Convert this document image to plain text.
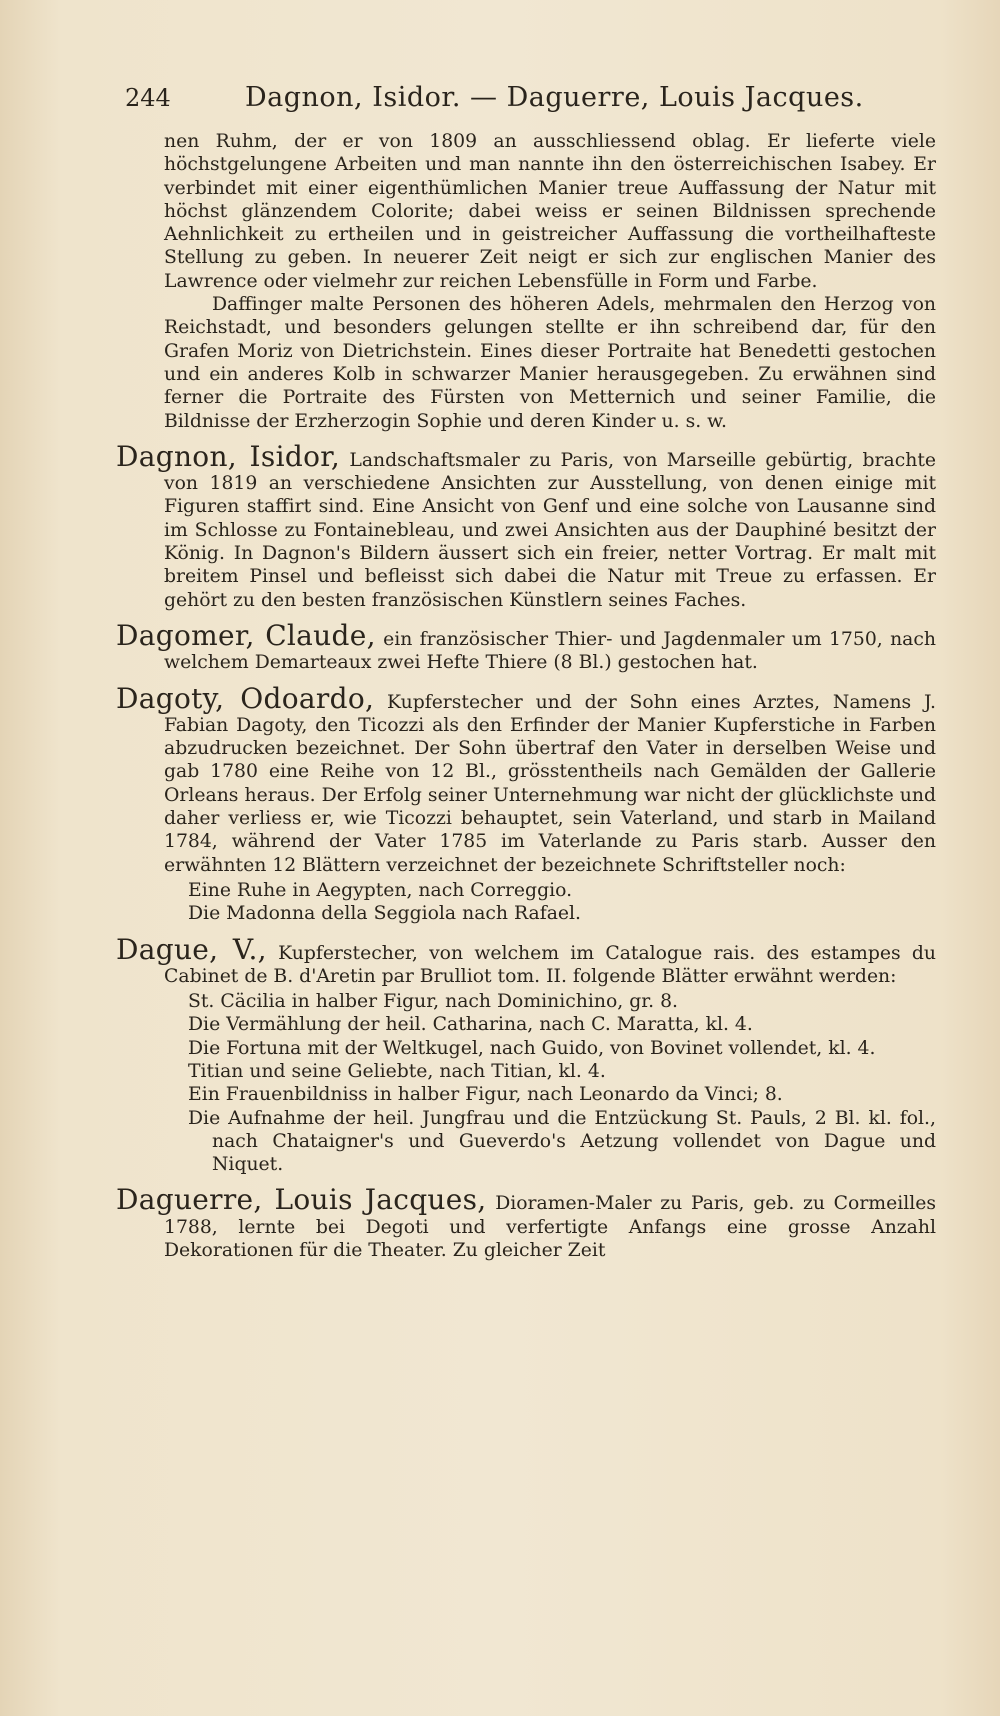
244	Dagnon, Isidor. — Daguerre, Louis Jacques.

nen Ruhm, der er von 1809 an ausschliessend oblag. Er lieferte viele höchstgelungene Arbeiten und man nannte ihn den österreichischen Isabey. Er verbindet mit einer eigenthümlichen Manier treue Auffassung der Natur mit höchst glänzendem Colorite; dabei weiss er seinen Bildnissen sprechende Aehnlichkeit zu ertheilen und in geistreicher Auffassung die vortheilhafteste Stellung zu geben. In neuerer Zeit neigt er sich zur englischen Manier des Lawrence oder vielmehr zur reichen Lebensfülle in Form und Farbe.

Daffinger malte Personen des höheren Adels, mehrmalen den Herzog von Reichstadt, und besonders gelungen stellte er ihn schreibend dar, für den Grafen Moriz von Dietrichstein. Eines dieser Portraite hat Benedetti gestochen und ein anderes Kolb in schwarzer Manier herausgegeben. Zu erwähnen sind ferner die Portraite des Fürsten von Metternich und seiner Familie, die Bildnisse der Erzherzogin Sophie und deren Kinder u. s. w.

Dagnon, Isidor, Landschaftsmaler zu Paris, von Marseille gebürtig, brachte von 1819 an verschiedene Ansichten zur Ausstellung, von denen einige mit Figuren staffirt sind. Eine Ansicht von Genf und eine solche von Lausanne sind im Schlosse zu Fontainebleau, und zwei Ansichten aus der Dauphiné besitzt der König. In Dagnon's Bildern äussert sich ein freier, netter Vortrag. Er malt mit breitem Pinsel und befleisst sich dabei die Natur mit Treue zu erfassen. Er gehört zu den besten französischen Künstlern seines Faches.
Dagomer, Claude, ein französischer Thier- und Jagdenmaler um 1750, nach welchem Demarteaux zwei Hefte Thiere (8 Bl.) gestochen hat.
Dagoty, Odoardo, Kupferstecher und der Sohn eines Arztes, Namens J. Fabian Dagoty, den Ticozzi als den Erfinder der Manier Kupferstiche in Farben abzudrucken bezeichnet. Der Sohn übertraf den Vater in derselben Weise und gab 1780 eine Reihe von 12 Bl., grösstentheils nach Gemälden der Gallerie Orleans heraus. Der Erfolg seiner Unternehmung war nicht der glücklichste und daher verliess er, wie Ticozzi behauptet, sein Vaterland, und starb in Mailand 1784, während der Vater 1785 im Vaterlande zu Paris starb. Ausser den erwähnten 12 Blättern verzeichnet der bezeichnete Schriftsteller noch:
Eine Ruhe in Aegypten, nach Correggio.
Die Madonna della Seggiola nach Rafael.
Dague, V., Kupferstecher, von welchem im Catalogue rais. des estampes du Cabinet de B. d'Aretin par Brulliot tom. II. folgende Blätter erwähnt werden:
St. Cäcilia in halber Figur, nach Dominichino, gr. 8.
Die Vermählung der heil. Catharina, nach C. Maratta, kl. 4.
Die Fortuna mit der Weltkugel, nach Guido, von Bovinet vollendet, kl. 4.
Titian und seine Geliebte, nach Titian, kl. 4.
Ein Frauenbildniss in halber Figur, nach Leonardo da Vinci; 8.
Die Aufnahme der heil. Jungfrau und die Entzückung St. Pauls, 2 Bl. kl. fol., nach Chataigner's und Gueverdo's Aetzung vollendet von Dague und Niquet.
Daguerre, Louis Jacques, Dioramen-Maler zu Paris, geb. zu Cormeilles 1788, lernte bei Degoti und verfertigte Anfangs eine grosse Anzahl Dekorationen für die Theater. Zu gleicher Zeit
